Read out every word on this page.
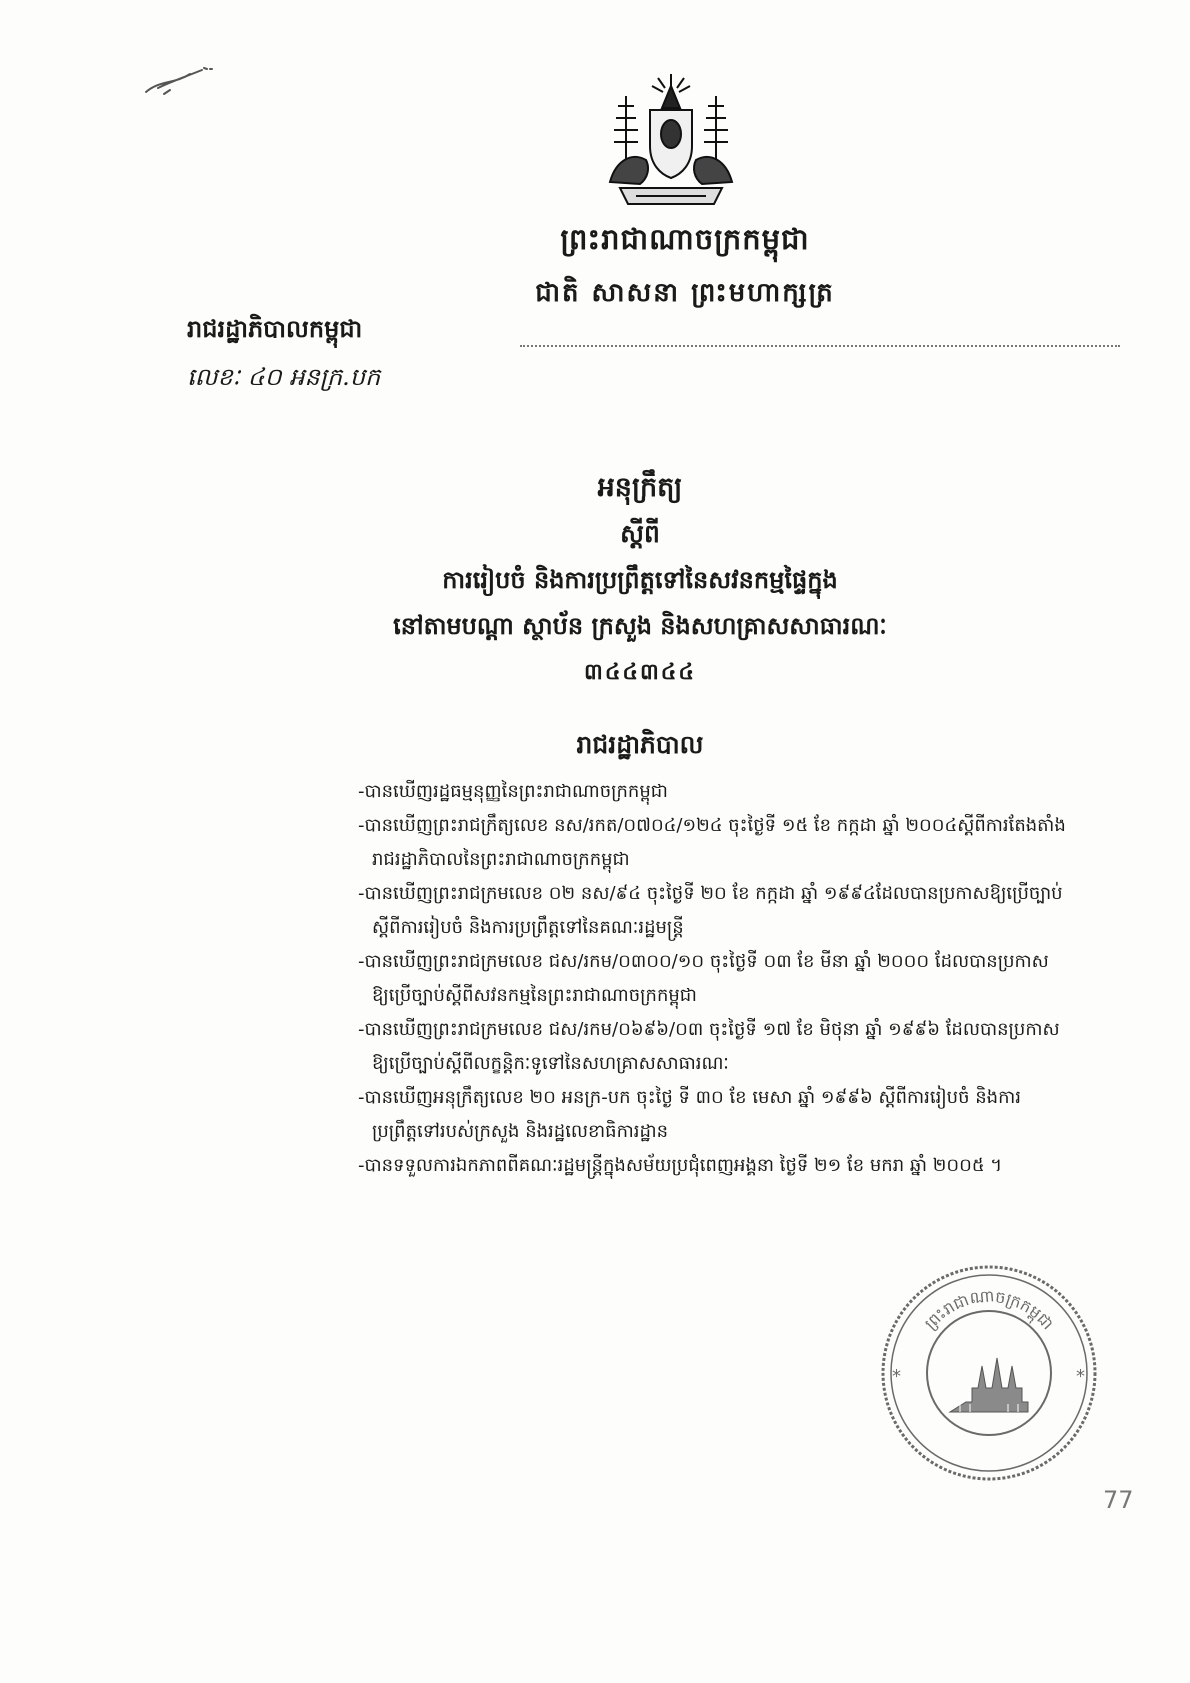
ព្រះរាជាណាចក្រកម្ពុជា
ជាតិ សាសនា ព្រះមហាក្សត្រ
រាជរដ្ឋាភិបាលកម្ពុជា
លេខៈ ៤០ អនក្រ.បក
អនុក្រឹត្យ
ស្តីពី
ការរៀបចំ និងការប្រព្រឹត្តទៅនៃសវនកម្មផ្ទៃក្នុង
នៅតាមបណ្តា ស្ថាប័ន ក្រសួង និងសហគ្រាសសាធារណៈ
៣៤៤៣៤៤
រាជរដ្ឋាភិបាល

-បានឃើញរដ្ឋធម្មនុញ្ញនៃព្រះរាជាណាចក្រកម្ពុជា

-បានឃើញព្រះរាជក្រឹត្យលេខ នស/រកត/០៧០៤/១២៤ ចុះថ្ងៃទី ១៥ ខែ កក្កដា ឆ្នាំ ២០០៤ស្តីពីការតែងតាំង

រាជរដ្ឋាភិបាលនៃព្រះរាជាណាចក្រកម្ពុជា

-បានឃើញព្រះរាជក្រមលេខ ០២ នស/៩៤ ចុះថ្ងៃទី ២០ ខែ កក្កដា ឆ្នាំ ១៩៩៤ដែលបានប្រកាសឱ្យប្រើច្បាប់

ស្តីពីការរៀបចំ និងការប្រព្រឹត្តទៅនៃគណៈរដ្ឋមន្ត្រី

-បានឃើញព្រះរាជក្រមលេខ ជស/រកម/០៣០០/១០ ចុះថ្ងៃទី ០៣ ខែ មីនា ឆ្នាំ ២០០០ ដែលបានប្រកាស

ឱ្យប្រើច្បាប់ស្តីពីសវនកម្មនៃព្រះរាជាណាចក្រកម្ពុជា

-បានឃើញព្រះរាជក្រមលេខ ជស/រកម/០៦៩៦/០៣ ចុះថ្ងៃទី ១៧ ខែ មិថុនា ឆ្នាំ ១៩៩៦ ដែលបានប្រកាស

ឱ្យប្រើច្បាប់ស្តីពីលក្ខន្តិកៈទូទៅនៃសហគ្រាសសាធារណៈ

-បានឃើញអនុក្រឹត្យលេខ ២០ អនក្រ-បក ចុះថ្ងៃ ទី ៣០ ខែ មេសា ឆ្នាំ ១៩៩៦ ស្តីពីការរៀបចំ និងការ

ប្រព្រឹត្តទៅរបស់ក្រសួង និងរដ្ឋលេខាធិការដ្ឋាន

-បានទទួលការឯកភាពពីគណៈរដ្ឋមន្ត្រីក្នុងសម័យប្រជុំពេញអង្គនា ថ្ងៃទី ២១ ខែ មករា ឆ្នាំ ២០០៥ ។

ព្រះរាជាណាចក្រកម្ពុជា
*	*
77
